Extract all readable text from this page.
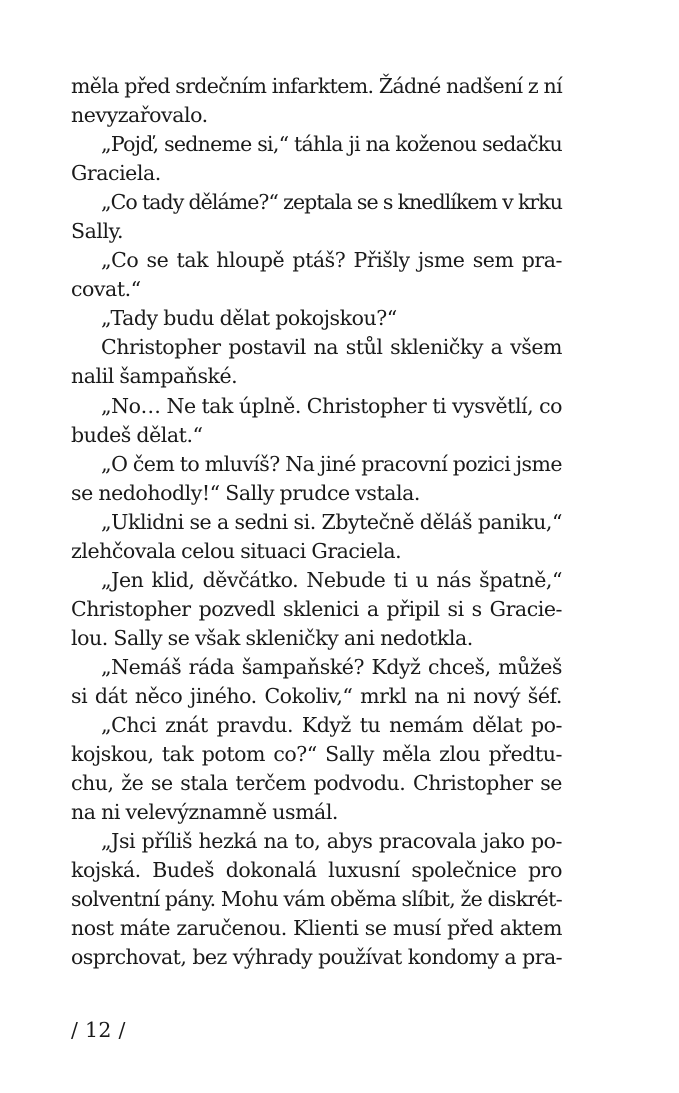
měla před srdečním infarktem. Žádné nadšení z ní
nevyzařovalo.
„Pojď, sedneme si,“ táhla ji na koženou sedačku
Graciela.
„Co tady děláme?“ zeptala se s knedlíkem v krku
Sally.
„Co se tak hloupě ptáš? Přišly jsme sem pra-
covat.“
„Tady budu dělat pokojskou?“
Christopher postavil na stůl skleničky a všem
nalil šampaňské.
„No… Ne tak úplně. Christopher ti vysvětlí, co
budeš dělat.“
„O čem to mluvíš? Na jiné pracovní pozici jsme
se nedohodly!“ Sally prudce vstala.
„Uklidni se a sedni si. Zbytečně děláš paniku,“
zlehčovala celou situaci Graciela.
„Jen klid, děvčátko. Nebude ti u nás špatně,“
Christopher pozvedl sklenici a připil si s Gracie-
lou. Sally se však skleničky ani nedotkla.
„Nemáš ráda šampaňské? Když chceš, můžeš
si dát něco jiného. Cokoliv,“ mrkl na ni nový šéf.
„Chci znát pravdu. Když tu nemám dělat po-
kojskou, tak potom co?“ Sally měla zlou předtu-
chu, že se stala terčem podvodu. Christopher se
na ni velevýznamně usmál.
„Jsi příliš hezká na to, abys pracovala jako po-
kojská. Budeš dokonalá luxusní společnice pro
solventní pány. Mohu vám oběma slíbit, že diskrét-
nost máte zaručenou. Klienti se musí před aktem
osprchovat, bez výhrady používat kondomy a pra-
/ 12 /
